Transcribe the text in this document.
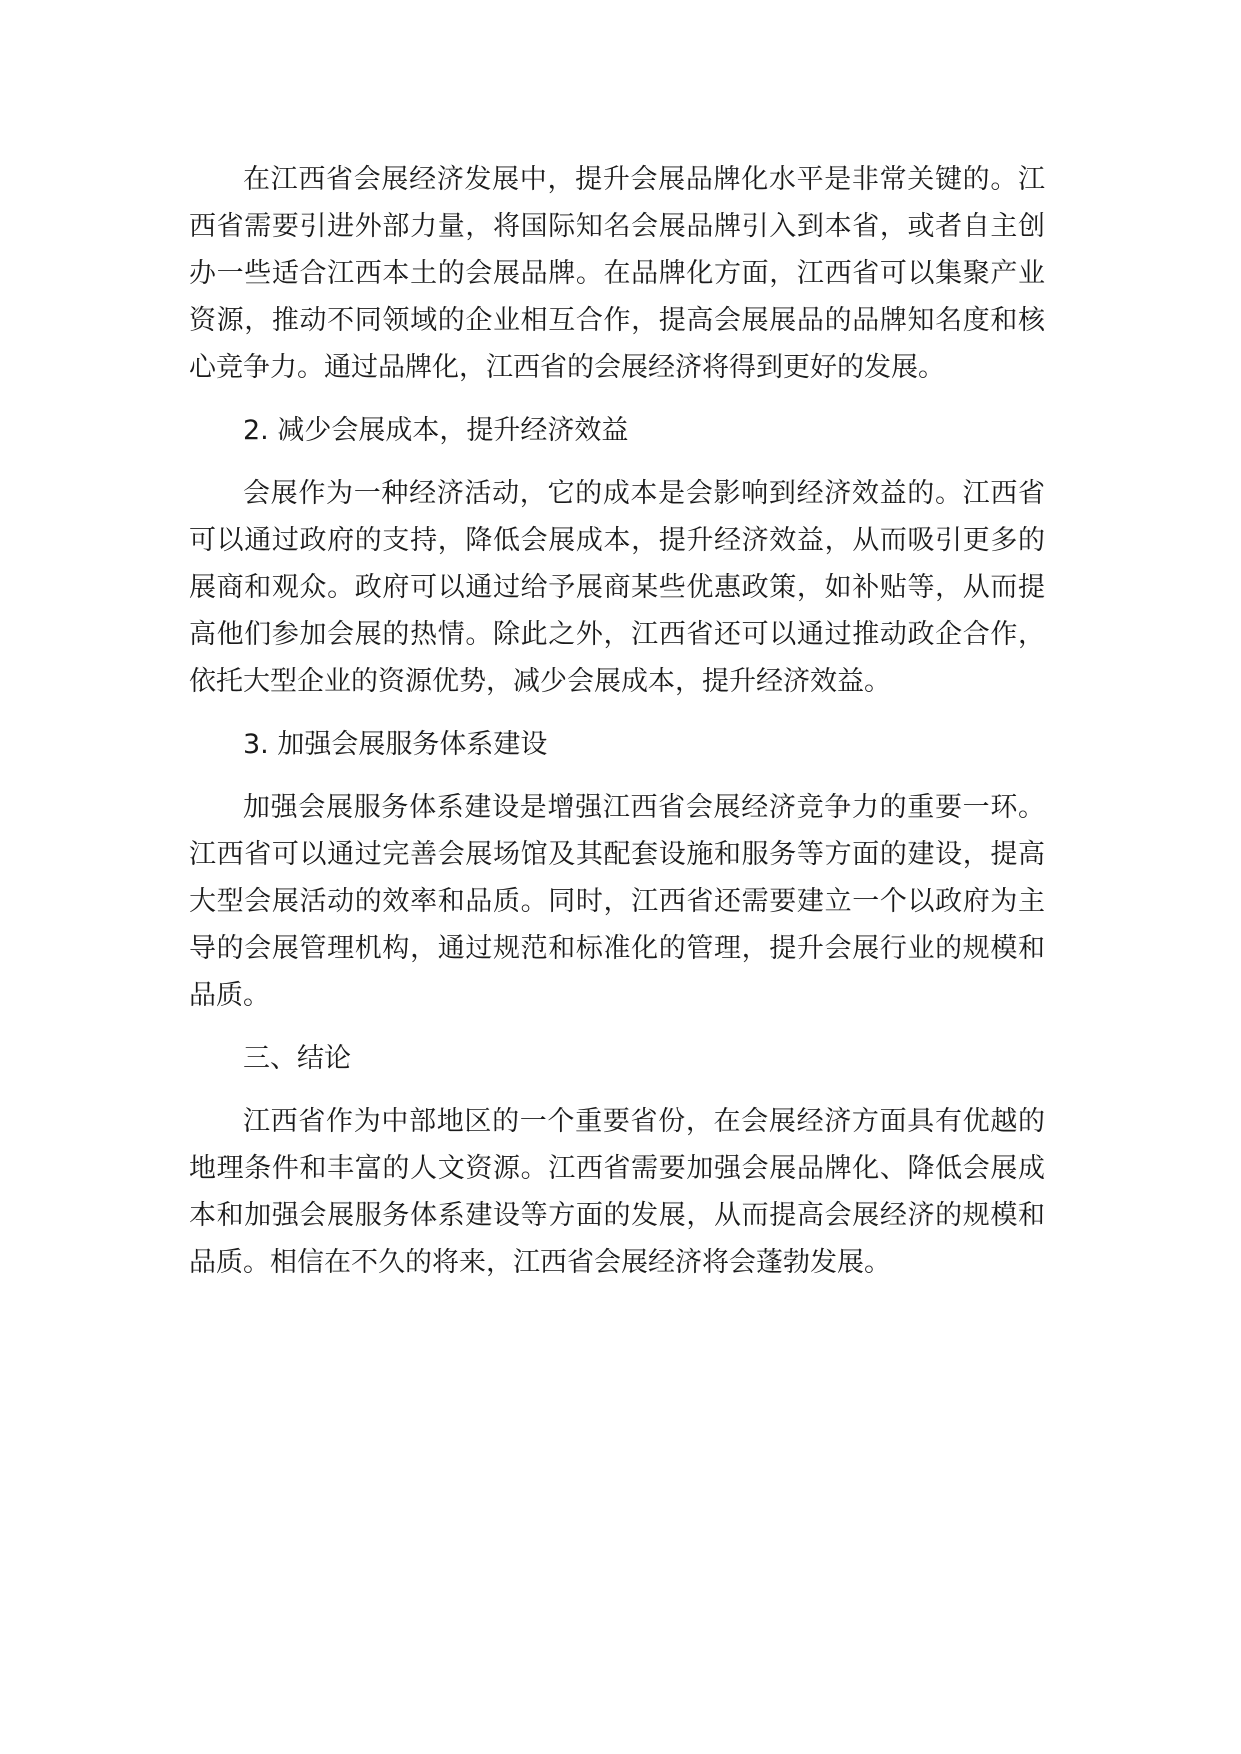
在江西省会展经济发展中，提升会展品牌化水平是非常关键的。江西省需要引进外部力量，将国际知名会展品牌引入到本省，或者自主创办一些适合江西本土的会展品牌。在品牌化方面，江西省可以集聚产业资源，推动不同领域的企业相互合作，提高会展展品的品牌知名度和核心竞争力。通过品牌化，江西省的会展经济将得到更好的发展。

2. 减少会展成本，提升经济效益

会展作为一种经济活动，它的成本是会影响到经济效益的。江西省可以通过政府的支持，降低会展成本，提升经济效益，从而吸引更多的展商和观众。政府可以通过给予展商某些优惠政策，如补贴等，从而提高他们参加会展的热情。除此之外，江西省还可以通过推动政企合作，依托大型企业的资源优势，减少会展成本，提升经济效益。

3. 加强会展服务体系建设

加强会展服务体系建设是增强江西省会展经济竞争力的重要一环。江西省可以通过完善会展场馆及其配套设施和服务等方面的建设，提高大型会展活动的效率和品质。同时，江西省还需要建立一个以政府为主导的会展管理机构，通过规范和标准化的管理，提升会展行业的规模和品质。

三、结论

江西省作为中部地区的一个重要省份，在会展经济方面具有优越的地理条件和丰富的人文资源。江西省需要加强会展品牌化、降低会展成本和加强会展服务体系建设等方面的发展，从而提高会展经济的规模和品质。相信在不久的将来，江西省会展经济将会蓬勃发展。
